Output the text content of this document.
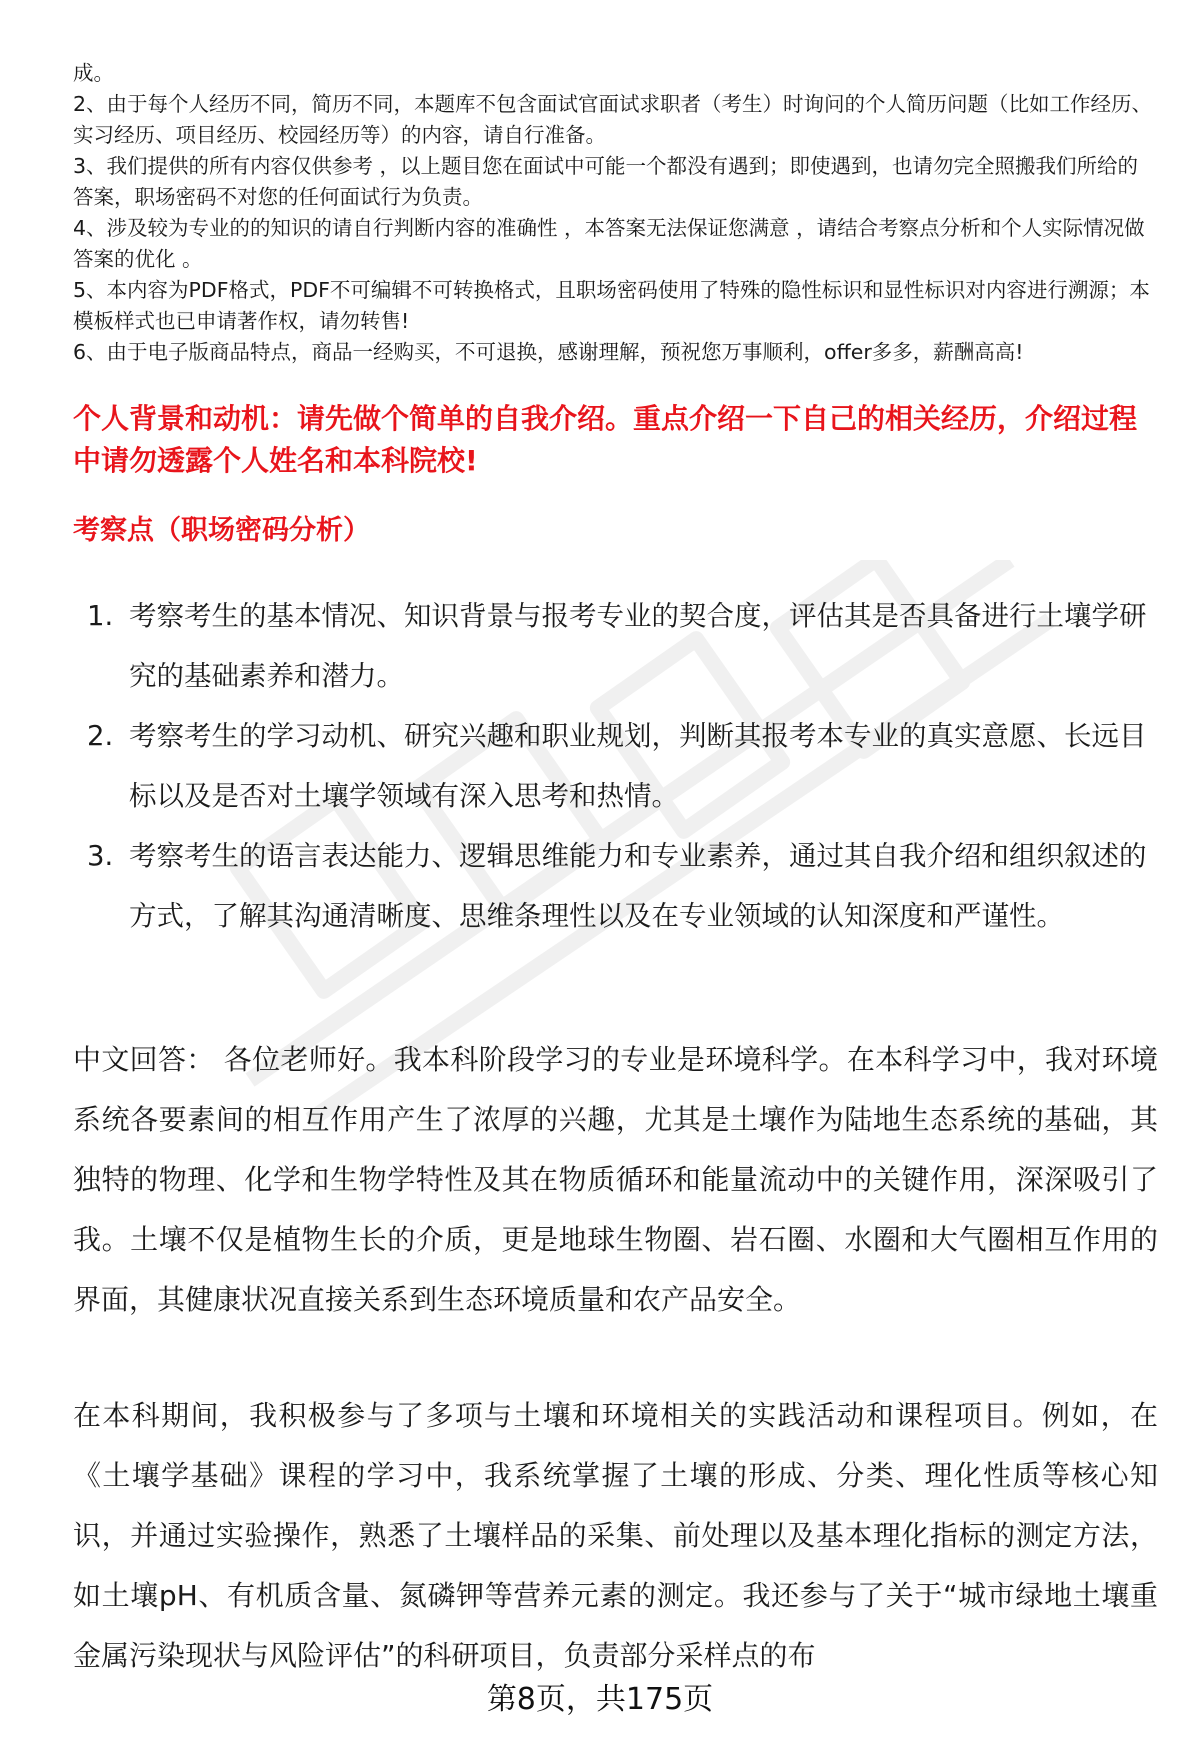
成。

2、由于每个人经历不同，简历不同，本题库不包含面试官面试求职者（考生）时询问的个人简历问题（比如工作经历、实习经历、项目经历、校园经历等）的内容，请自行准备。

3、我们提供的所有内容仅供参考 ，以上题目您在面试中可能一个都没有遇到；即使遇到，也请勿完全照搬我们所给的答案，职场密码不对您的任何面试行为负责。

4、涉及较为专业的的知识的请自行判断内容的准确性 ，本答案无法保证您满意 ，请结合考察点分析和个人实际情况做答案的优化 。

5、本内容为PDF格式，PDF不可编辑不可转换格式，且职场密码使用了特殊的隐性标识和显性标识对内容进行溯源；本模板样式也已申请著作权，请勿转售!

6、由于电子版商品特点，商品一经购买，不可退换，感谢理解，预祝您万事顺利，offer多多，薪酬高高!

个人背景和动机：请先做个简单的自我介绍。重点介绍一下自己的相关经历，介绍过程中请勿透露个人姓名和本科院校!
考察点（职场密码分析）
1. 考察考生的基本情况、知识背景与报考专业的契合度，评估其是否具备进行土壤学研究的基础素养和潜力。
2. 考察考生的学习动机、研究兴趣和职业规划，判断其报考本专业的真实意愿、长远目标以及是否对土壤学领域有深入思考和热情。
3. 考察考生的语言表达能力、逻辑思维能力和专业素养，通过其自我介绍和组织叙述的方式，了解其沟通清晰度、思维条理性以及在专业领域的认知深度和严谨性。

中文回答： 各位老师好。我本科阶段学习的专业是环境科学。在本科学习中，我对环境系统各要素间的相互作用产生了浓厚的兴趣，尤其是土壤作为陆地生态系统的基础，其独特的物理、化学和生物学特性及其在物质循环和能量流动中的关键作用，深深吸引了我。土壤不仅是植物生长的介质，更是地球生物圈、岩石圈、水圈和大气圈相互作用的界面，其健康状况直接关系到生态环境质量和农产品安全。

在本科期间，我积极参与了多项与土壤和环境相关的实践活动和课程项目。例如，在《土壤学基础》课程的学习中，我系统掌握了土壤的形成、分类、理化性质等核心知识，并通过实验操作，熟悉了土壤样品的采集、前处理以及基本理化指标的测定方法，如土壤pH、有机质含量、氮磷钾等营养元素的测定。我还参与了关于“城市绿地土壤重金属污染现状与风险评估”的科研项目，负责部分采样点的布

第8页，共175页
